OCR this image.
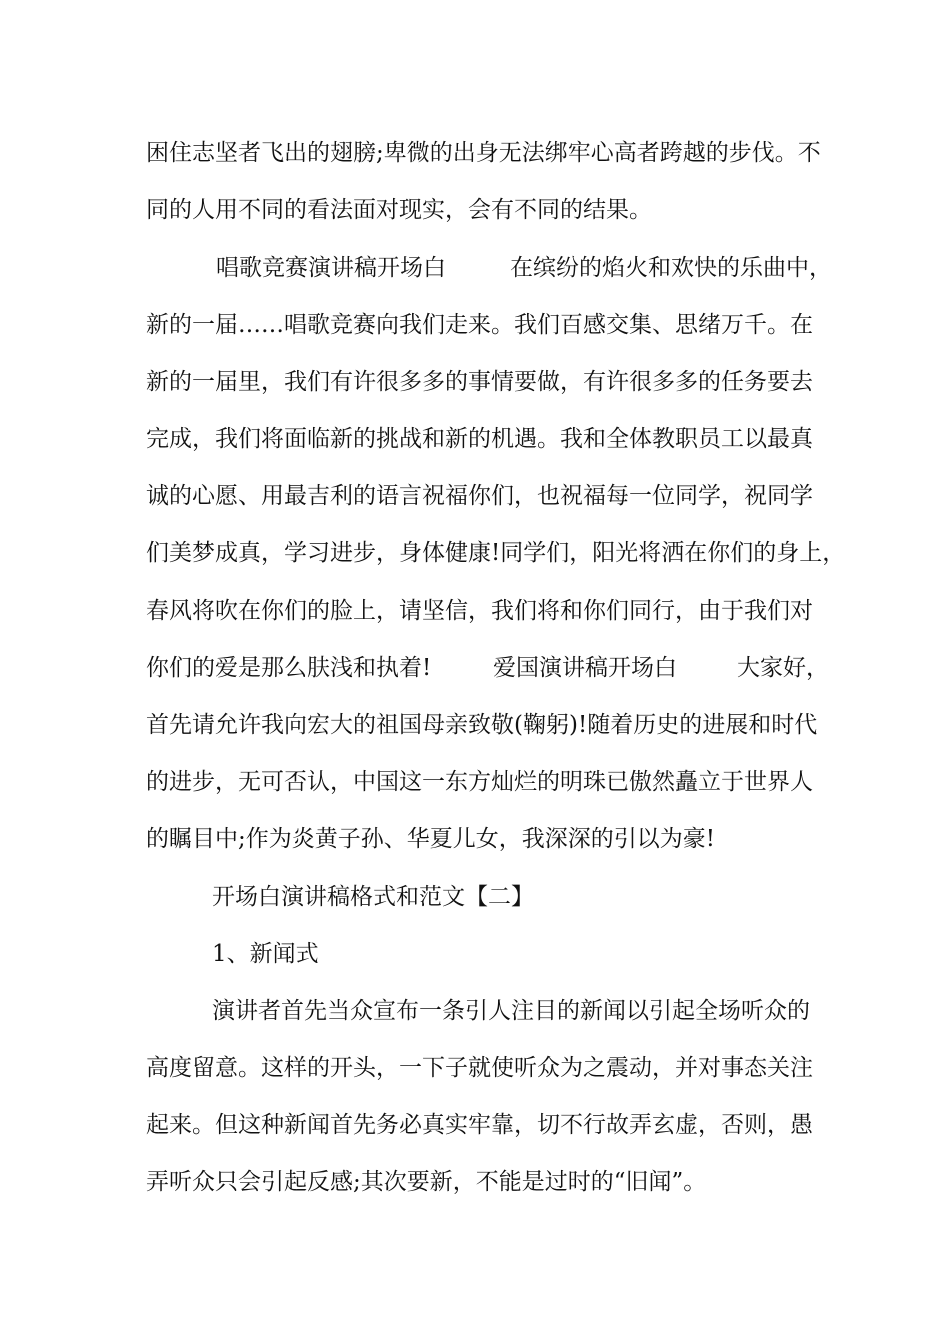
困 住 志 坚 者 飞 出 的 翅 膀 ; 卑 微 的 出 身 无 法 绑 牢 心 高 者 跨 越 的 步 伐 。 不
同的人用不同的看法面对现实，会有不同的结果。
唱歌竞赛演讲稿开场白	在缤纷的焰火和欢快的乐曲中，
新 的 一 届 … … 唱 歌 竞 赛 向 我 们 走 来 。 我 们 百 感 交 集 、 思 绪 万 千 。 在
新 的 一 届 里 ， 我 们 有 许 很 多 多 的 事 情 要 做 ， 有 许 很 多 多 的 任 务 要 去
完 成 ， 我 们 将 面 临 新 的 挑 战 和 新 的 机 遇 。 我 和 全 体 教 职 员 工 以 最 真
诚 的 心 愿 、 用 最 吉 利 的 语 言 祝 福 你 们 ， 也 祝 福 每 一 位 同 学 ， 祝 同 学
们 美 梦 成 真 ， 学 习 进 步 ， 身 体 健 康 ! 同 学 们 ， 阳 光 将 洒 在 你 们 的 身 上 ，
春 风 将 吹 在 你 们 的 脸 上 ， 请 坚 信 ， 我 们 将 和 你 们 同 行 ， 由 于 我 们 对
你们的爱是那么肤浅和执着!	爱国演讲稿开场白	大家好，
首 先 请 允 许 我 向 宏 大 的 祖 国 母 亲 致 敬 ( 鞠 躬 ) ! 随 着 历 史 的 进 展 和 时 代
的 进 步 ， 无 可 否 认 ， 中 国 这 一 东 方 灿 烂 的 明 珠 已 傲 然 矗 立 于 世 界 人
的瞩目中;作为炎黄子孙、华夏儿女，我深深的引以为豪!
开场白演讲稿格式和范文【二】
1、新闻式
演讲者首先当众宣布一条引人注目的新闻以引起全场听众的
高 度 留 意 。 这 样 的 开 头 ， 一 下 子 就 使 听 众 为 之 震 动 ， 并 对 事 态 关 注
起 来 。 但 这 种 新 闻 首 先 务 必 真 实 牢 靠 ， 切 不 行 故 弄 玄 虚 ， 否 则 ， 愚
弄听众只会引起反感;其次要新，不能是过时的“旧闻”。
